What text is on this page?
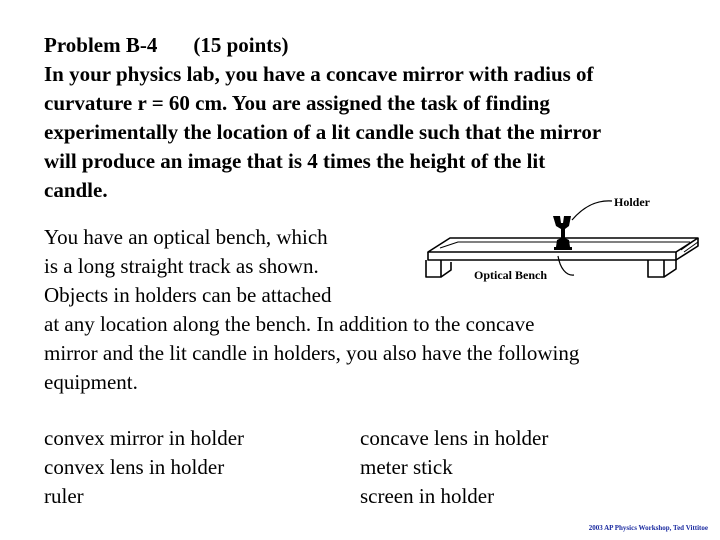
Problem B-4 (15 points)

In your physics lab, you have a concave mirror with radius of

curvature r = 60 cm. You are assigned the task of finding

experimentally the location of a lit candle such that the mirror

will produce an image that is 4 times the height of the lit

candle.

You have an optical bench, which

is a long straight track as shown.

Objects in holders can be attached

at any location along the bench. In addition to the concave

mirror and the lit candle in holders, you also have the following

equipment.

Holder
Optical Bench

convex mirror in holder

convex lens in holder

ruler

concave lens in holder

meter stick

screen in holder

2003 AP Physics Workshop, Ted Vittitoe
